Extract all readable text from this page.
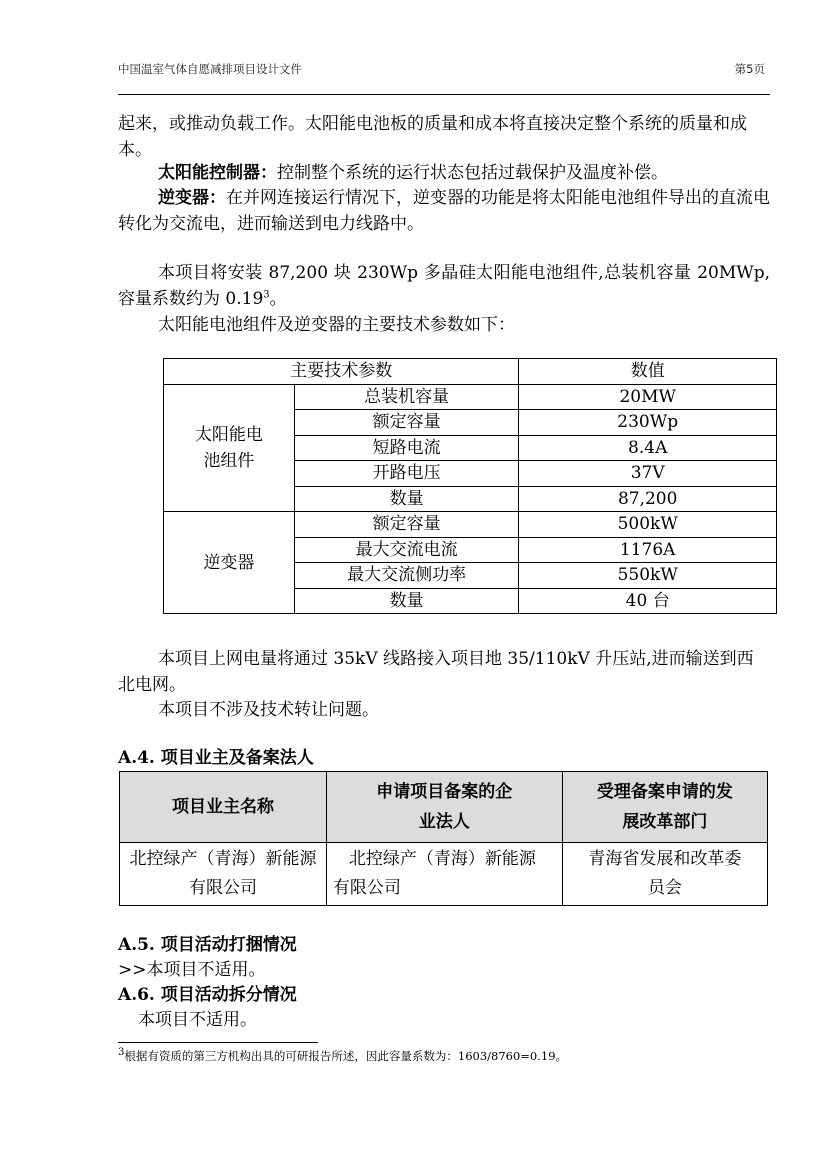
中国温室气体自愿减排项目设计文件	第5页
起来，或推动负载工作。太阳能电池板的质量和成本将直接决定整个系统的质量和成本。
太阳能控制器：控制整个系统的运行状态包括过载保护及温度补偿。
逆变器：在并网连接运行情况下，逆变器的功能是将太阳能电池组件导出的直流电转化为交流电，进而输送到电力线路中。
本项目将安装 87,200 块 230Wp 多晶硅太阳能电池组件,总装机容量 20MWp, 容量系数约为 0.19$^3$。
太阳能电池组件及逆变器的主要技术参数如下：
主要技术参数		数值

太阳能电池组件	总装机容量	20MW
	额定容量	230Wp
	短路电流	8.4A
	开路电压	37V
	数量	87,200
逆变器	额定容量	500kW
	最大交流电流	1176A
	最大交流侧功率	550kW
	数量	40 台
本项目上网电量将通过 35kV 线路接入项目地 35/110kV 升压站,进而输送到西北电网。
本项目不涉及技术转让问题。
A.4. 项目业主及备案法人
项目业主名称	申请项目备案的企业法人	受理备案申请的发展改革部门

北控绿产（青海）新能源有限公司	北控绿产（青海）新能源有限公司	青海省发展和改革委员会
A.5. 项目活动打捆情况
>>本项目不适用。
A.6. 项目活动拆分情况
本项目不适用。
$^3$根据有资质的第三方机构出具的可研报告所述，因此容量系数为：1603/8760=0.19。
